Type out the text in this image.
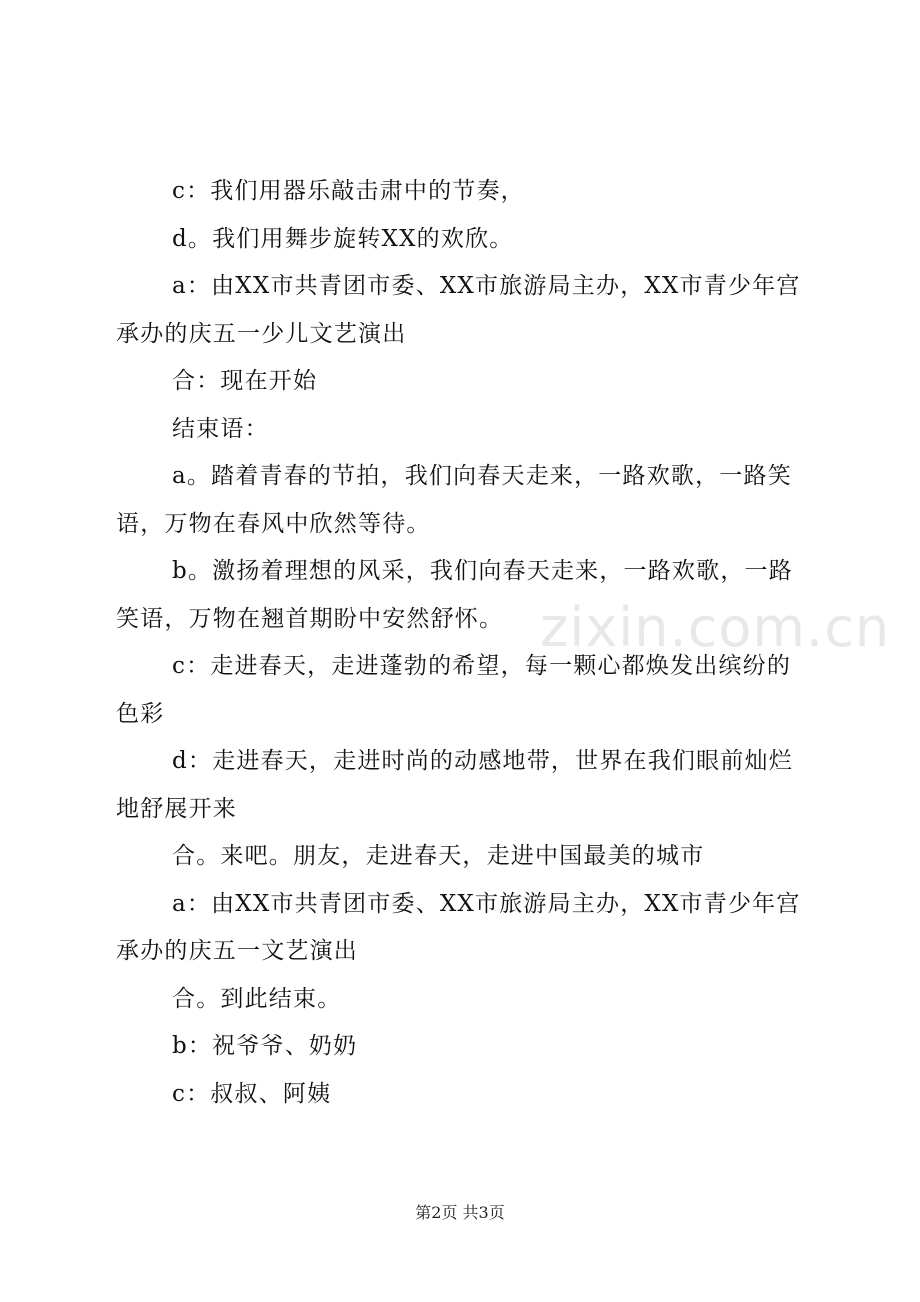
c：我们用器乐敲击肃中的节奏，

d。我们用舞步旋转XX的欢欣。

a：由XX市共青团市委、XX市旅游局主办，XX市青少年宫承办的庆五一少儿文艺演出

合：现在开始

结束语：

a。踏着青春的节拍，我们向春天走来，一路欢歌，一路笑语，万物在春风中欣然等待。

b。激扬着理想的风采，我们向春天走来，一路欢歌，一路笑语，万物在翘首期盼中安然舒怀。

c：走进春天，走进蓬勃的希望，每一颗心都焕发出缤纷的色彩

d：走进春天，走进时尚的动感地带，世界在我们眼前灿烂地舒展开来

合。来吧。朋友，走进春天，走进中国最美的城市

a：由XX市共青团市委、XX市旅游局主办，XX市青少年宫承办的庆五一文艺演出

合。到此结束。

b：祝爷爷、奶奶

c：叔叔、阿姨

zixin.com.cn
第2页 共3页
